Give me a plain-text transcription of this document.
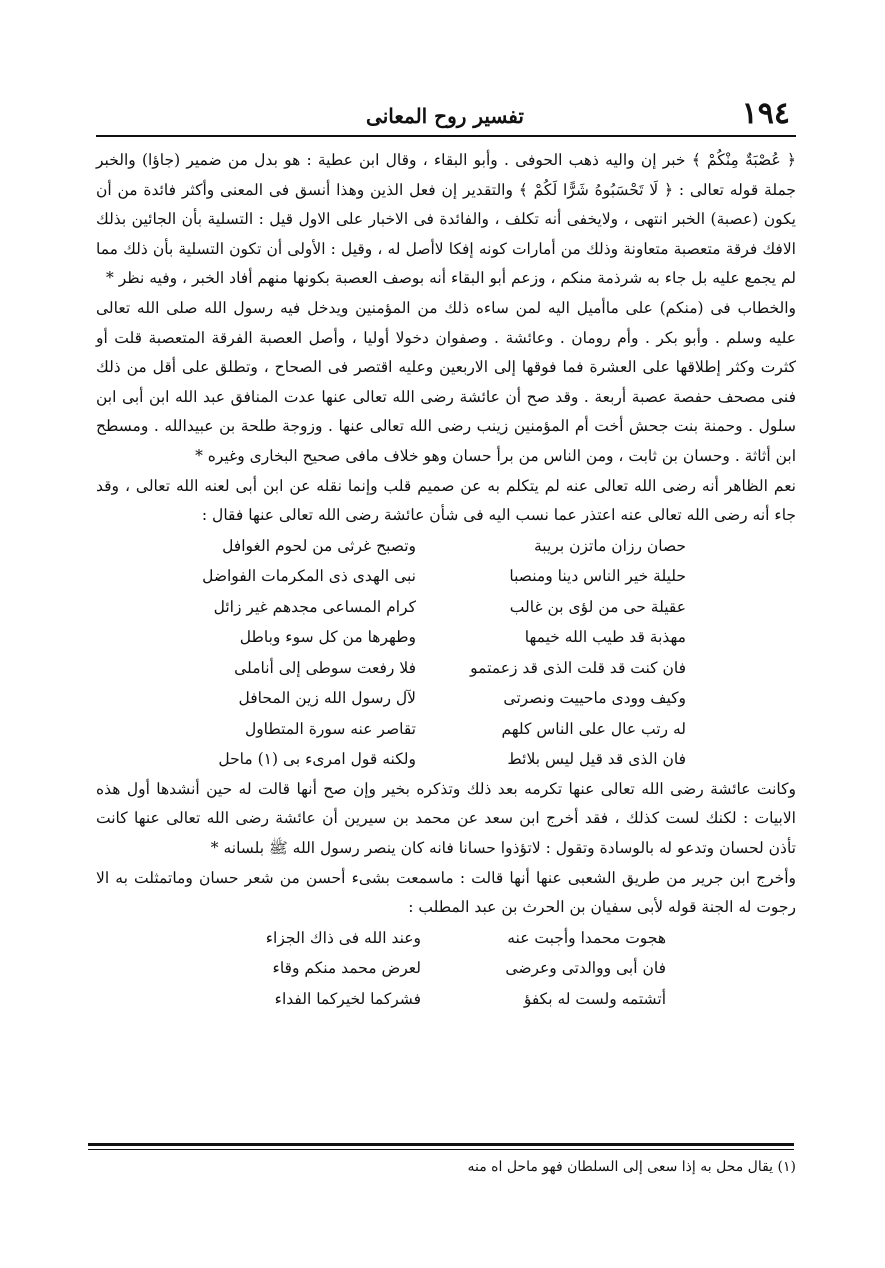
١٩٤
تفسير روح المعانى

﴿ عُصْبَةٌ مِنْكُمْ ﴾ خبر إن واليه ذهب الحوفى . وأبو البقاء ، وقال ابن عطية : هو بدل من ضمير (جاؤا) والخبر جملة قوله تعالى : ﴿ لَا تَحْسَبُوهُ شَرًّا لَكُمْ ﴾ والتقدير إن فعل الذين وهذا أنسق فى المعنى وأكثر فائدة من أن يكون (عصبة) الخبر انتهى ، ولايخفى أنه تكلف ، والفائدة فى الاخبار على الاول قيل : التسلية بأن الجائين بذلك الافك فرقة متعصبة متعاونة وذلك من أمارات كونه إفكا لاأصل له ، وقيل : الأولى أن تكون التسلية بأن ذلك مما لم يجمع عليه بل جاء به شرذمة منكم ، وزعم أبو البقاء أنه بوصف العصبة بكونها منهم أفاد الخبر ، وفيه نظر *

والخطاب فى (منكم) على ماأميل اليه لمن ساءه ذلك من المؤمنين ويدخل فيه رسول الله صلى الله تعالى عليه وسلم . وأبو بكر . وأم رومان . وعائشة . وصفوان دخولا أوليا ، وأصل العصبة الفرقة المتعصبة قلت أو كثرت وكثر إطلاقها على العشرة فما فوقها إلى الاربعين وعليه اقتصر فى الصحاح ، وتطلق على أقل من ذلك فنى مصحف حفصة عصبة أربعة . وقد صح أن عائشة رضى الله تعالى عنها عدت المنافق عبد الله ابن أبى ابن سلول . وحمنة بنت جحش أخت أم المؤمنين زينب رضى الله تعالى عنها . وزوجة طلحة بن عبيدالله . ومسطح ابن أثاثة . وحسان بن ثابت ، ومن الناس من برأ حسان وهو خلاف مافى صحيح البخارى وغيره *

نعم الظاهر أنه رضى الله تعالى عنه لم يتكلم به عن صميم قلب وإنما نقله عن ابن أبى لعنه الله تعالى ، وقد جاء أنه رضى الله تعالى عنه اعتذر عما نسب اليه فى شأن عائشة رضى الله تعالى عنها فقال :

حصان رزان ماتزن بريبة
وتصبح غرثى من لحوم الغوافل
حليلة خير الناس دينا ومنصبا
نبى الهدى ذى المكرمات الفواضل
عقيلة حى من لؤى بن غالب
كرام المساعى مجدهم غير زائل
مهذبة قد طيب الله خيمها
وطهرها من كل سوء وباطل
فان كنت قد قلت الذى قد زعمتمو
فلا رفعت سوطى إلى أناملى
وكيف وودى ماحييت ونصرتى
لآل رسول الله زين المحافل
له رتب عال على الناس كلهم
تقاصر عنه سورة المتطاول
فان الذى قد قيل ليس بلائط
ولكنه قول امرىء بى (١) ماحل

وكانت عائشة رضى الله تعالى عنها تكرمه بعد ذلك وتذكره بخير وإن صح أنها قالت له حين أنشدها أول هذه الابيات : لكنك لست كذلك ، فقد أخرج ابن سعد عن محمد بن سيرين أن عائشة رضى الله تعالى عنها كانت تأذن لحسان وتدعو له بالوسادة وتقول : لاتؤذوا حسانا فانه كان ينصر رسول الله ﷺ بلسانه *

وأخرج ابن جرير من طريق الشعبى عنها أنها قالت : ماسمعت بشىء أحسن من شعر حسان وماتمثلت به الا رجوت له الجنة قوله لأبى سفيان بن الحرث بن عبد المطلب :

هجوت محمدا وأجبت عنه
وعند الله فى ذاك الجزاء
فان أبى ووالدتى وعرضى
لعرض محمد منكم وقاء
أتشتمه ولست له بكفؤ
فشركما لخيركما الفداء
(١) يقال محل به إذا سعى إلى السلطان فهو ماحل اه منه
